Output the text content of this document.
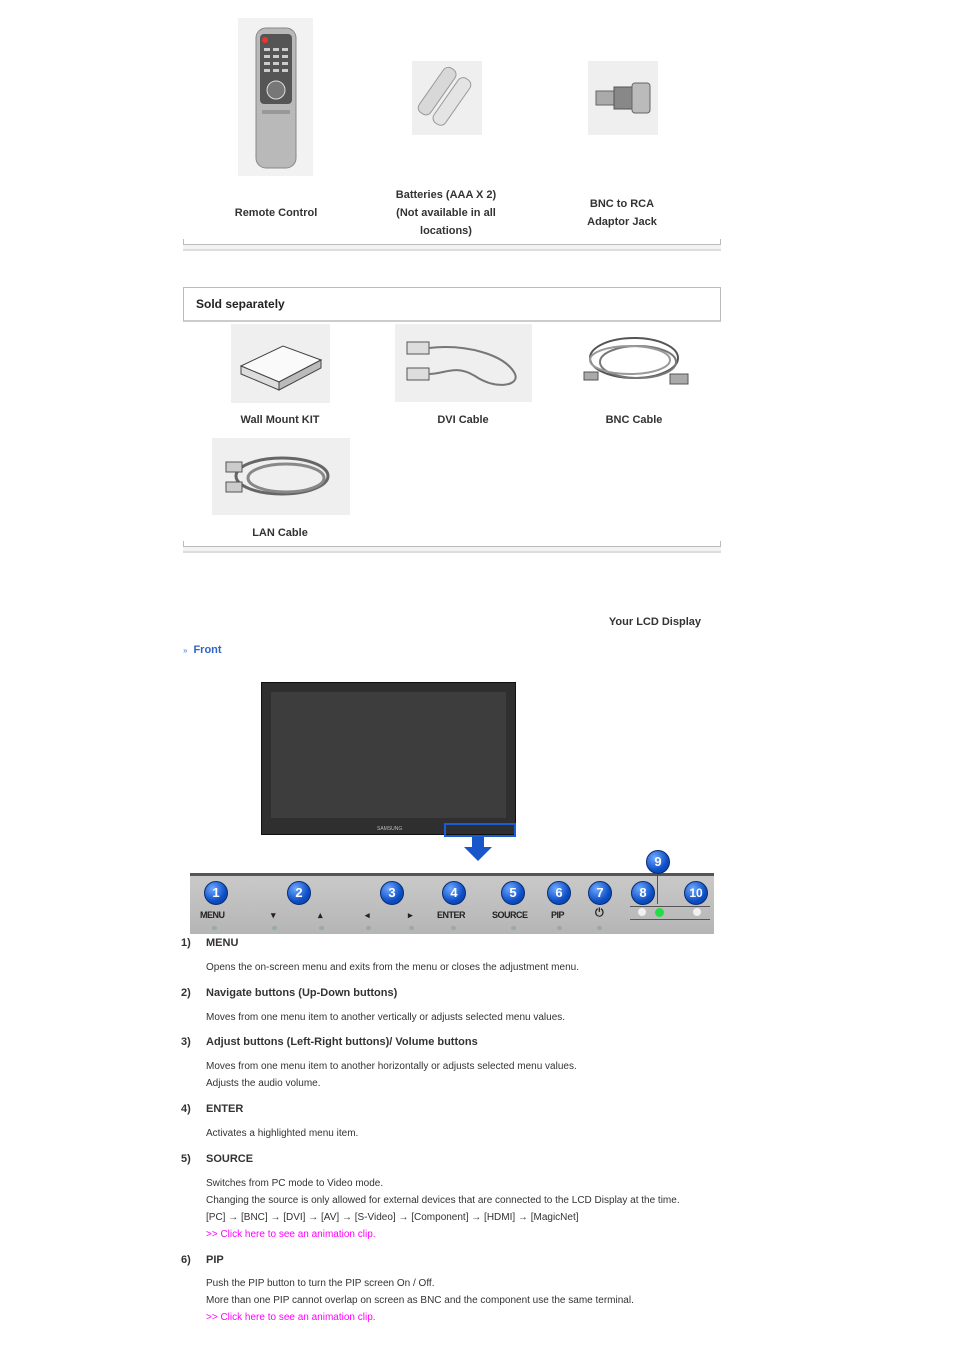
Remote Control
Batteries (AAA X 2)
(Not available in all
locations)
BNC to RCA
Adaptor Jack
Sold separately
Wall Mount KIT	DVI Cable	BNC Cable
LAN Cable
Your LCD Display
» Front
SAMSUNG
1
MENU
2
▾	▴
3
◂	▸
4
ENTER
5
SOURCE
6
PIP
7
⏻
8	10
9
1) MENU
Opens the on-screen menu and exits from the menu or closes the adjustment menu.
2) Navigate buttons (Up-Down buttons)
Moves from one menu item to another vertically or adjusts selected menu values.
3) Adjust buttons (Left-Right buttons)/ Volume buttons
Moves from one menu item to another horizontally or adjusts selected menu values.
Adjusts the audio volume.
4) ENTER
Activates a highlighted menu item.
5) SOURCE
Switches from PC mode to Video mode.
Changing the source is only allowed for external devices that are connected to the LCD Display at the time.
[PC] → [BNC] → [DVI] → [AV] → [S-Video] → [Component] → [HDMI] → [MagicNet]
>> Click here to see an animation clip.
6) PIP
Push the PIP button to turn the PIP screen On / Off.
More than one PIP cannot overlap on screen as BNC and the component use the same terminal.
>> Click here to see an animation clip.
